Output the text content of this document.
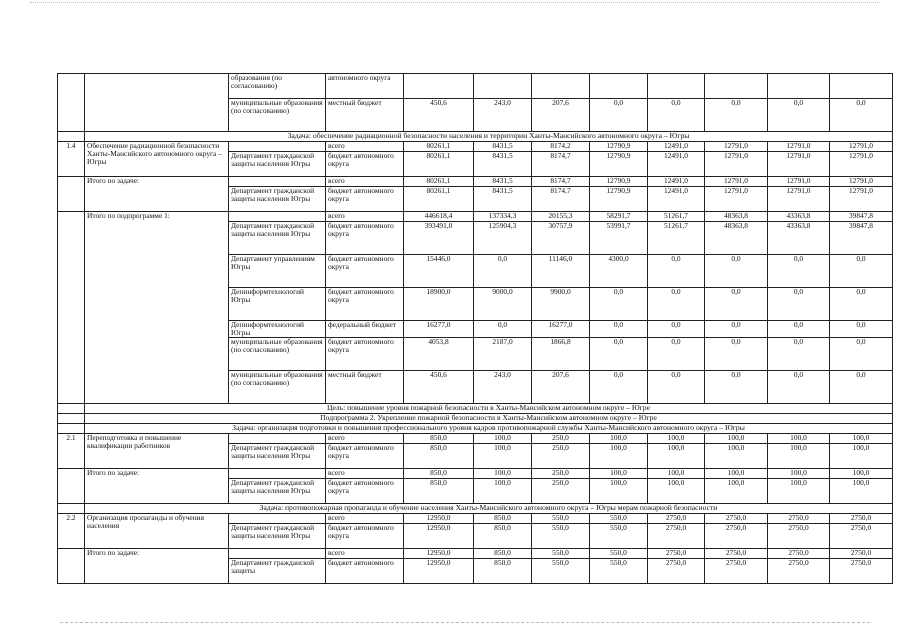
		образования (по согласованию)	автономного округа								
		муниципальные образования (по согласованию)	местный бюджет	450,6	243,0	207,6	0,0	0,0	0,0	0,0	0,0
	Задача: обеспечение радиационной безопасности населения и территории Ханты-Мансийского автономного округа – Югры										
1.4	Обеспечение радиационной безопасности Ханты-Мансийского автономного округа – Югры		всего	80261,1	8431,5	8174,2	12790,9	12491,0	12791,0	12791,0	12791,0
		Департамент гражданской защиты населения Югры	бюджет автономного округа	80261,1	8431,5	8174,7	12790,9	12491,0	12791,0	12791,0	12791,0
	Итого по задаче:		всего	80261,1	8431,5	8174,7	12790,9	12491,0	12791,0	12791,0	12791,0
		Департамент гражданской защиты населения Югры	бюджет автономного округа	80261,1	8431,5	8174,7	12790,9	12491,0	12791,0	12791,0	12791,0
	Итого по подпрограмме 1:		всего	446618,4	137334,3	20155,3	58291,7	51261,7	48363,8	43363,8	39847,8
		Департамент гражданской защиты населения Югры	бюджет автономного округа	393491,0	125904,3	30757,9	53991,7	51261,7	48363,8	43363,8	39847,8
		Департамент управлениям Югры	бюджет автономного округа	15446,0	0,0	11146,0	4300,0	0,0	0,0	0,0	0,0
		Депинформтехнологий Югры	бюджет автономного округа	18900,0	9000,0	9900,0	0,0	0,0	0,0	0,0	0,0
		Депинформтехнологий Югры	федеральный бюджет	16277,0	0,0	16277,0	0,0	0,0	0,0	0,0	0,0
		муниципальные образования (по согласованию)	бюджет автономного округа	4053,8	2187,0	1866,8	0,0	0,0	0,0	0,0	0,0
		муниципальные образования (по согласованию)	местный бюджет	450,6	243,0	207,6	0,0	0,0	0,0	0,0	0,0
	Цель: повышение уровня пожарной безопасности в Ханты-Мансийском автономном округе – Югре										
	Подпрограмма 2. Укрепление пожарной безопасности в Ханты-Мансийском автономном округе – Югре										
	Задача: организация подготовки и повышения профессионального уровня кадров противопожарной службы Ханты-Мансийского автономного округа – Югры										
2.1	Переподготовка и повышение квалификации работников		всего	850,0	100,0	250,0	100,0	100,0	100,0	100,0	100,0
		Департамент гражданской защиты населения Югры	бюджет автономного округа	850,0	100,0	250,0	100,0	100,0	100,0	100,0	100,0
	Итого по задаче:		всего	850,0	100,0	250,0	100,0	100,0	100,0	100,0	100,0
		Департамент гражданской защиты населения Югры	бюджет автономного округа	850,0	100,0	250,0	100,0	100,0	100,0	100,0	100,0
	Задача: противопожарная пропаганда и обучение населения Ханты-Мансийского автономного округа – Югры мерам пожарной безопасности										
2.2	Организация пропаганды и обучения населения		всего	12950,0	850,0	550,0	550,0	2750,0	2750,0	2750,0	2750,0
		Департамент гражданской защиты населения Югры	бюджет автономного округа	12950,0	850,0	550,0	550,0	2750,0	2750,0	2750,0	2750,0
	Итого по задаче:		всего	12950,0	850,0	550,0	550,0	2750,0	2750,0	2750,0	2750,0
		Департамент гражданской защиты	бюджет автономного	12950,0	850,0	550,0	550,0	2750,0	2750,0	2750,0	2750,0
